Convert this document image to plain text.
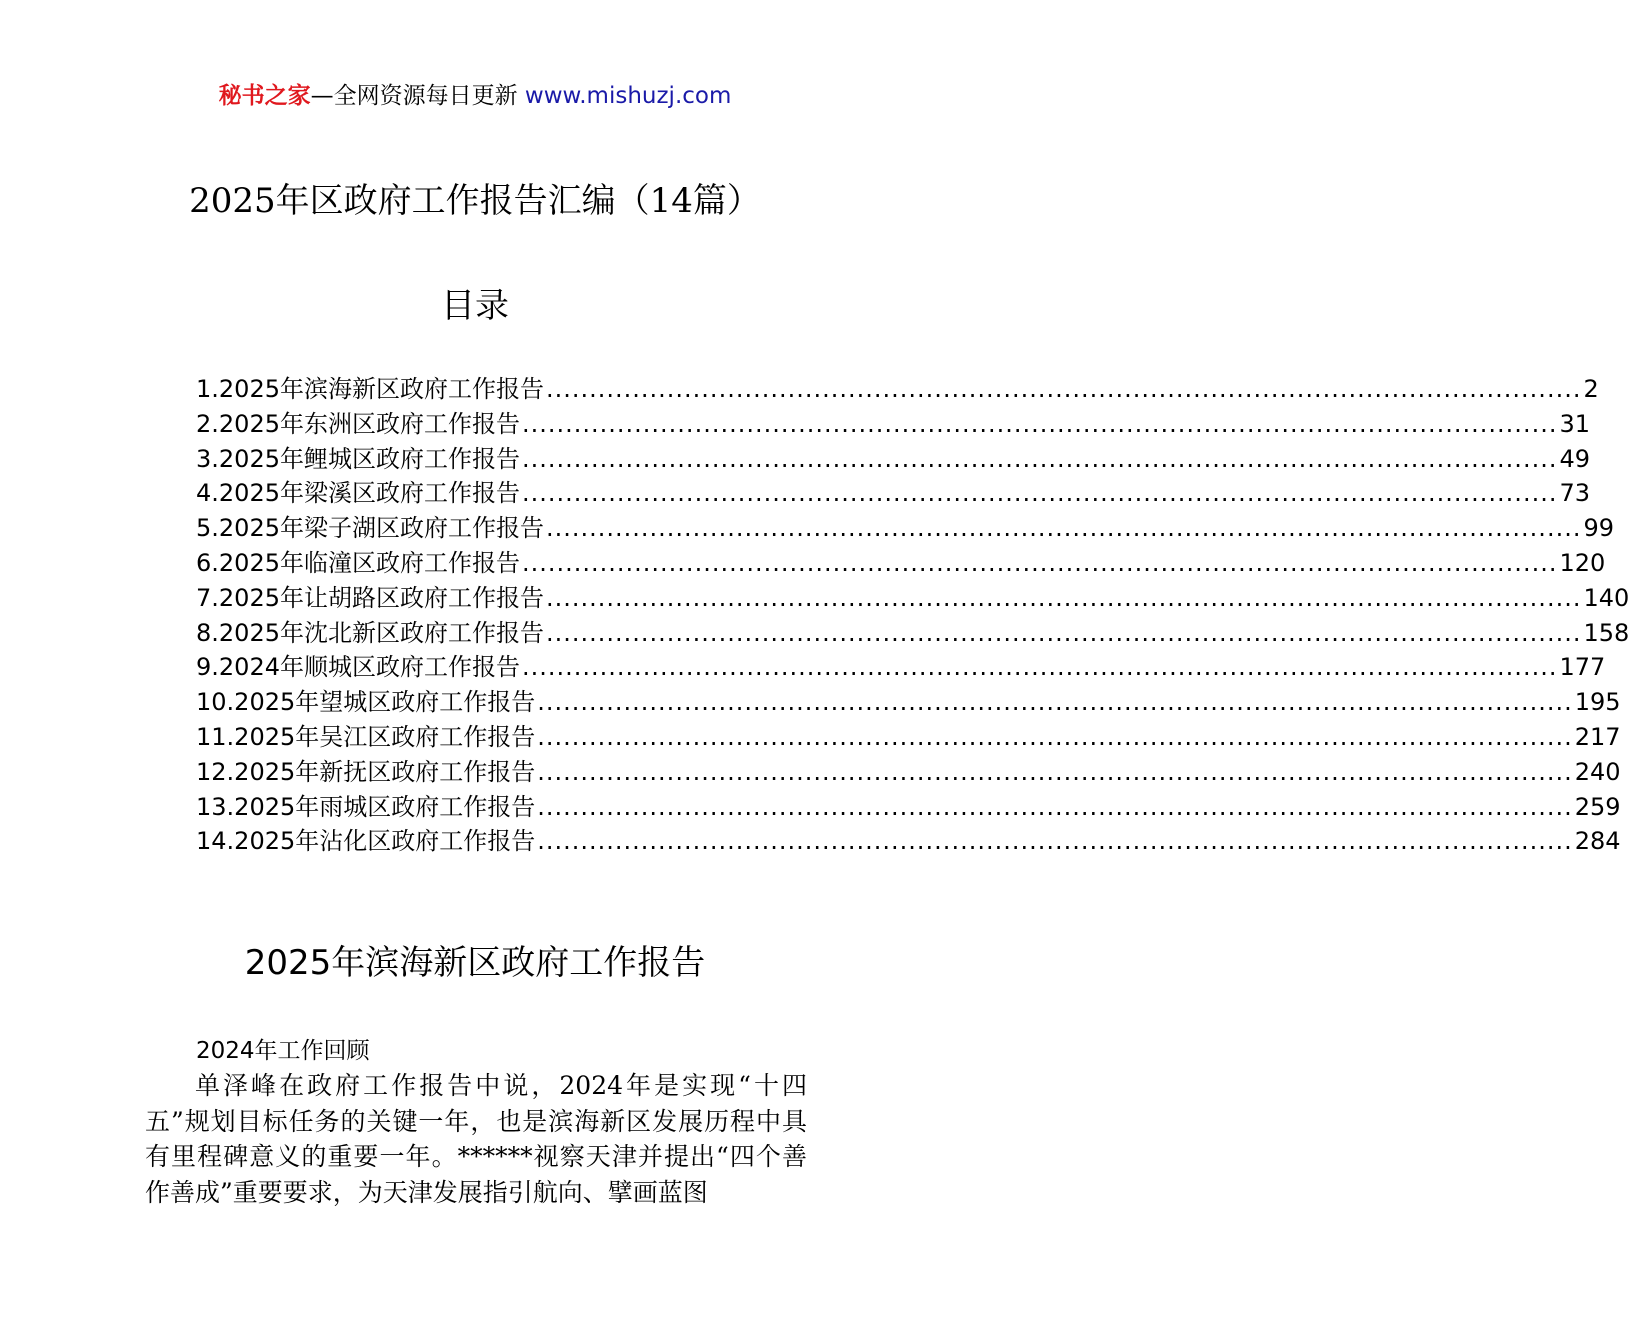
秘书之家—全网资源每日更新 www.mishuzj.com
2025年区政府工作报告汇编（14篇）
目录
1.2025年滨海新区政府工作报告 ........................................................................................................................ 2
2.2025年东洲区政府工作报告 ........................................................................................................................ 31
3.2025年鲤城区政府工作报告 ........................................................................................................................ 49
4.2025年梁溪区政府工作报告 ........................................................................................................................ 73
5.2025年梁子湖区政府工作报告 ........................................................................................................................ 99
6.2025年临潼区政府工作报告 ........................................................................................................................ 120
7.2025年让胡路区政府工作报告 ........................................................................................................................ 140
8.2025年沈北新区政府工作报告 ........................................................................................................................ 158
9.2024年顺城区政府工作报告 ........................................................................................................................ 177
10.2025年望城区政府工作报告 ........................................................................................................................ 195
11.2025年吴江区政府工作报告 ........................................................................................................................ 217
12.2025年新抚区政府工作报告 ........................................................................................................................ 240
13.2025年雨城区政府工作报告 ........................................................................................................................ 259
14.2025年沾化区政府工作报告 ........................................................................................................................ 284
2025年滨海新区政府工作报告
2024年工作回顾

单泽峰在政府工作报告中说，2024年是实现“十四五”规划目标任务的关键一年，也是滨海新区发展历程中具有里程碑意义的重要一年。******视察天津并提出“四个善作善成”重要要求，为天津发展指引航向、擘画蓝图
